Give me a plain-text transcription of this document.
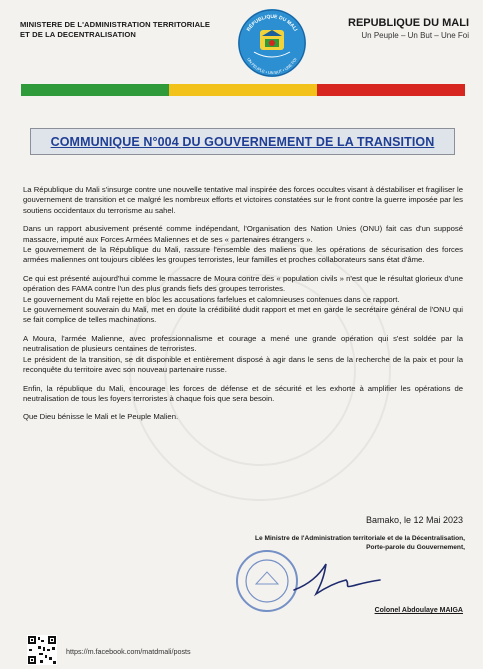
MINISTERE DE L'ADMINISTRATION TERRITORIALE
ET DE LA DECENTRALISATION
RÉPUBLIQUE DU MALI
UN PEUPLE • UN BUT • UNE FOI
REPUBLIQUE DU MALI
Un Peuple – Un But – Une Foi
COMMUNIQUE N°004 DU GOUVERNEMENT DE LA TRANSITION

La République du Mali s'insurge contre une nouvelle tentative mal inspirée des forces occultes visant à déstabiliser et fragiliser le gouvernement de transition et ce malgré les nombreux efforts et victoires constatées sur le front contre la guerre imposée par les soutiens occidentaux du terrorisme au sahel.

Dans un rapport abusivement présenté comme indépendant, l'Organisation des Nation Unies (ONU) fait cas d'un supposé massacre, imputé aux Forces Armées Maliennes et de ses « partenaires étrangers ».

Le gouvernement de la République du Mali, rassure l'ensemble des maliens que les opérations de sécurisation des forces armées maliennes ont toujours ciblées les groupes terroristes, leur familles et proches collaborateurs sans état d'âme.

Ce qui est présenté aujourd'hui comme le massacre de Moura contre des « population civils » n'est que le résultat glorieux d'une opération des FAMA contre l'un des plus grands fiefs des groupes terroristes.

Le gouvernement du Mali rejette en bloc les accusations farfelues et calomnieuses contenues dans ce rapport.

Le gouvernement souverain du Mali, met en doute la crédibilité dudit rapport et met en garde le secrétaire général de l'ONU qui se fait complice de telles machinations.

A Moura, l'armée Malienne, avec professionnalisme et courage a mené une grande opération qui s'est soldée par la neutralisation de plusieurs centaines de terroristes.

Le président de la transition, se dit disponible et entièrement disposé à agir dans le sens de la recherche de la paix et pour la reconquête du territoire avec son nouveau partenaire russe.

Enfin, la république du Mali, encourage les forces de défense et de sécurité et les exhorte à amplifier les opérations de neutralisation de tous les foyers terroristes à chaque fois que sera besoin.

Que Dieu bénisse le Mali et le Peuple Malien.

Bamako, le 12 Mai 2023
Le Ministre de l'Administration territoriale et de la Décentralisation,
Porte-parole du Gouvernement,
Colonel Abdoulaye MAIGA
https://m.facebook.com/matdmali/posts
